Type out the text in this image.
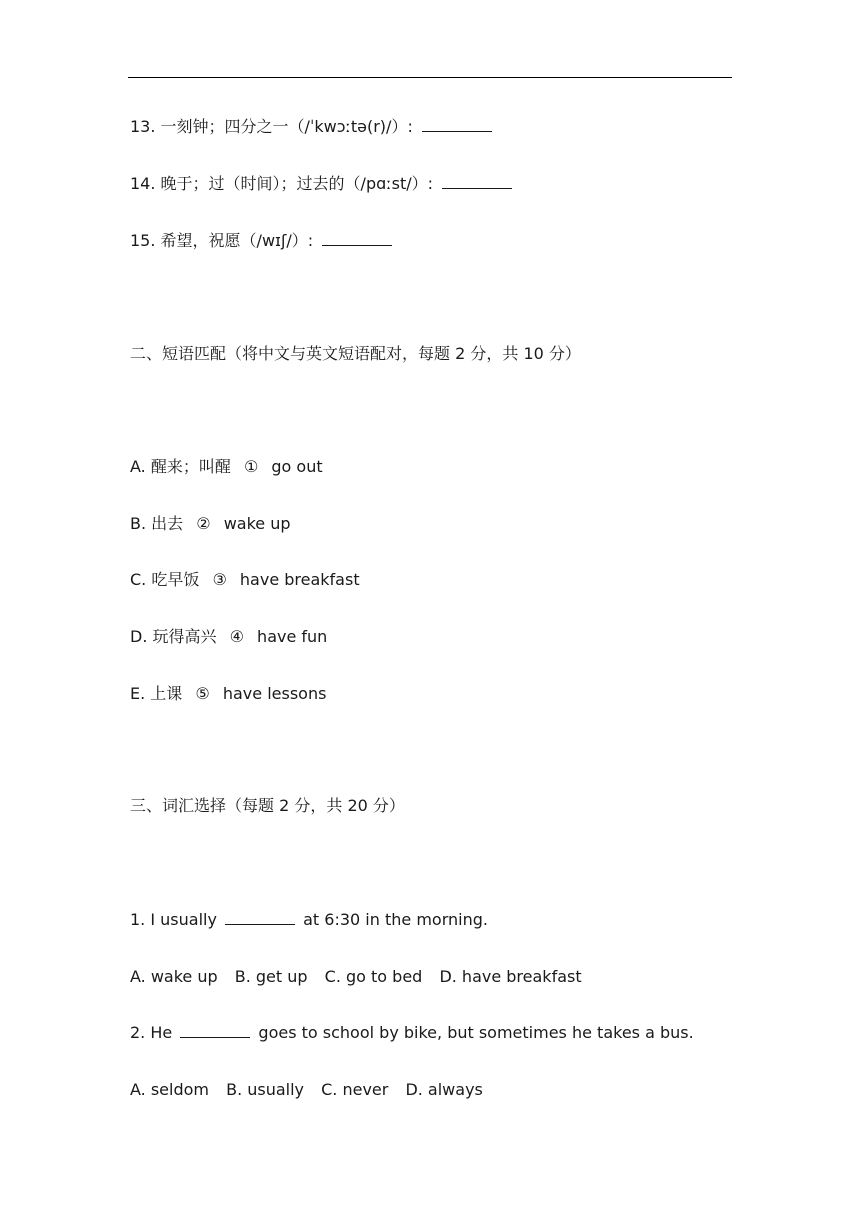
13. 一刻钟；四分之一（/ˈkwɔːtə(r)/）:
14. 晚于；过（时间）；过去的（/pɑːst/）:
15. 希望，祝愿（/wɪʃ/）:
二、短语匹配（将中文与英文短语配对，每题 2 分，共 10 分）
A. 醒来；叫醒 ① go out
B. 出去 ② wake up
C. 吃早饭 ③ have breakfast
D. 玩得高兴 ④ have fun
E. 上课 ⑤ have lessons
三、词汇选择（每题 2 分，共 20 分）
1. I usually	at 6:30 in the morning.
A. wake up B. get up C. go to bed D. have breakfast
2. He	goes to school by bike, but sometimes he takes a bus.
A. seldom B. usually C. never D. always
